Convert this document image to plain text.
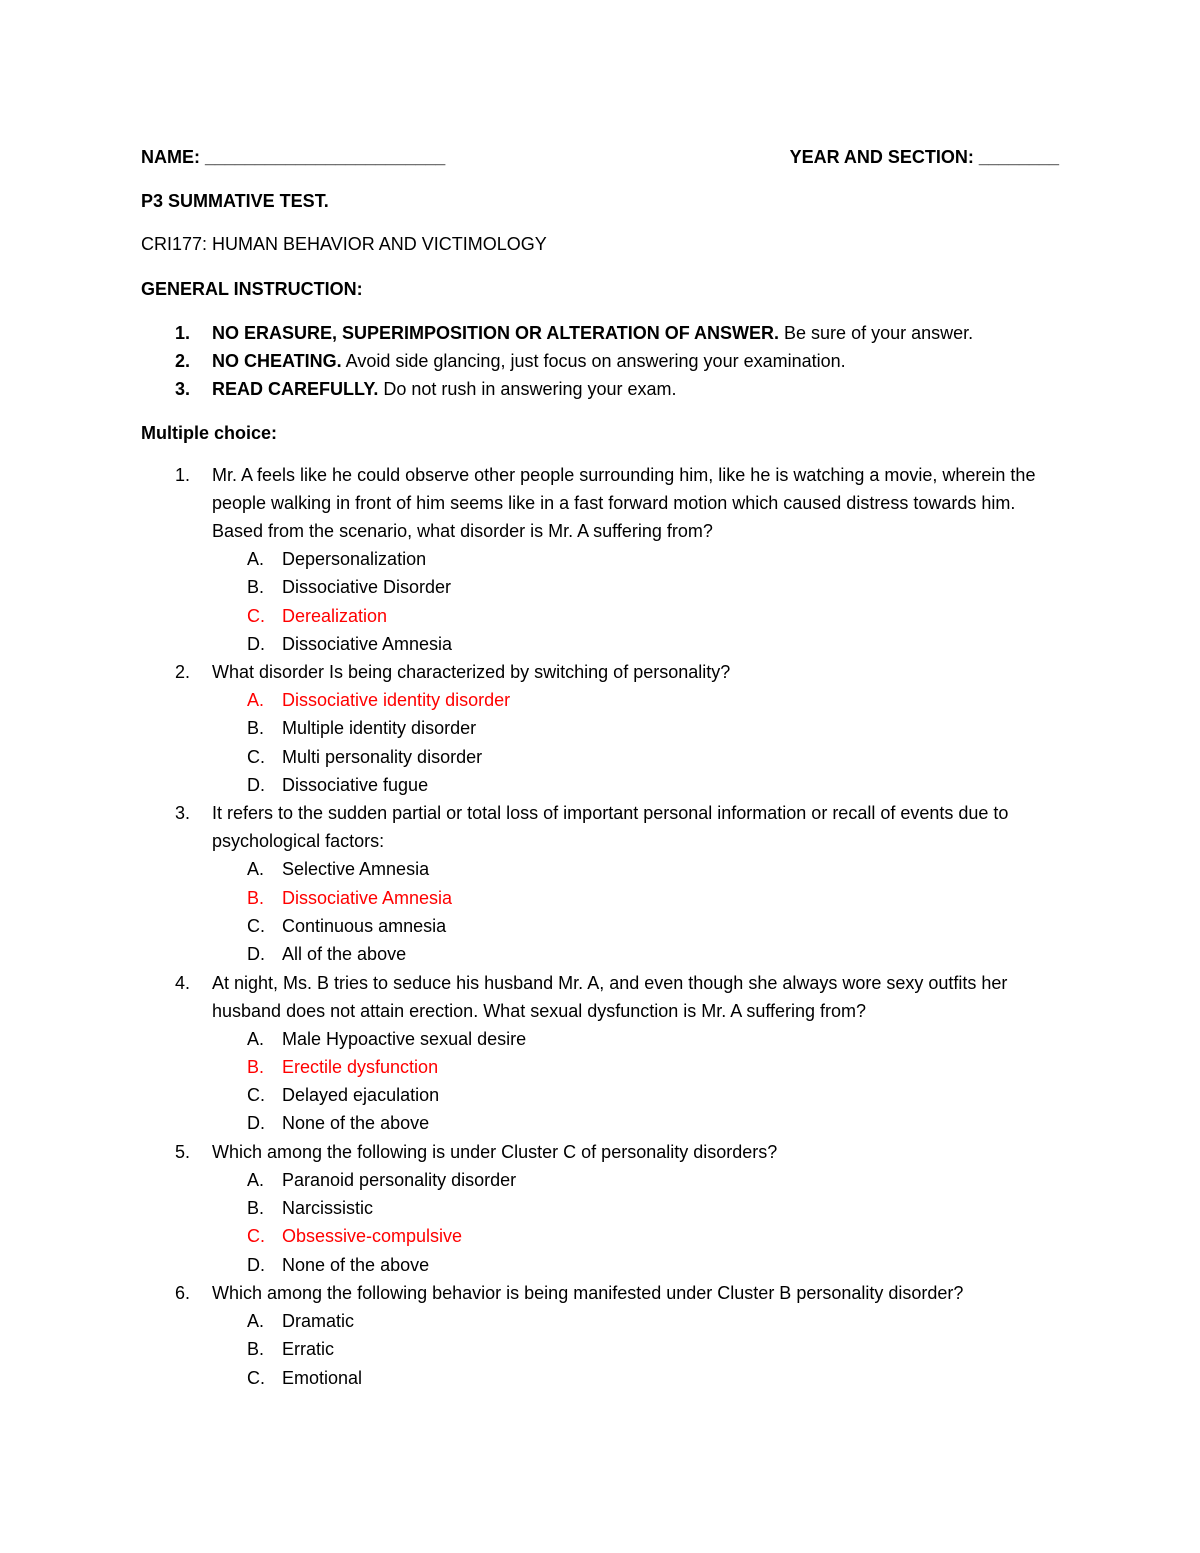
NAME: ________________________	YEAR AND SECTION: ________
P3 SUMMATIVE TEST.
CRI177: HUMAN BEHAVIOR AND VICTIMOLOGY
GENERAL INSTRUCTION:
1. NO ERASURE, SUPERIMPOSITION OR ALTERATION OF ANSWER. Be sure of your answer.
2. NO CHEATING. Avoid side glancing, just focus on answering your examination.
3. READ CAREFULLY. Do not rush in answering your exam.
Multiple choice:
1. Mr. A feels like he could observe other people surrounding him, like he is watching a movie, wherein the people walking in front of him seems like in a fast forward motion which caused distress towards him. Based from the scenario, what disorder is Mr. A suffering from?
A. Depersonalization
B. Dissociative Disorder
C. Derealization
D. Dissociative Amnesia
2. What disorder Is being characterized by switching of personality?
A. Dissociative identity disorder
B. Multiple identity disorder
C. Multi personality disorder
D. Dissociative fugue
3. It refers to the sudden partial or total loss of important personal information or recall of events due to psychological factors:
A. Selective Amnesia
B. Dissociative Amnesia
C. Continuous amnesia
D. All of the above
4. At night, Ms. B tries to seduce his husband Mr. A, and even though she always wore sexy outfits her husband does not attain erection. What sexual dysfunction is Mr. A suffering from?
A. Male Hypoactive sexual desire
B. Erectile dysfunction
C. Delayed ejaculation
D. None of the above
5. Which among the following is under Cluster C of personality disorders?
A. Paranoid personality disorder
B. Narcissistic
C. Obsessive-compulsive
D. None of the above
6. Which among the following behavior is being manifested under Cluster B personality disorder?
A. Dramatic
B. Erratic
C. Emotional
